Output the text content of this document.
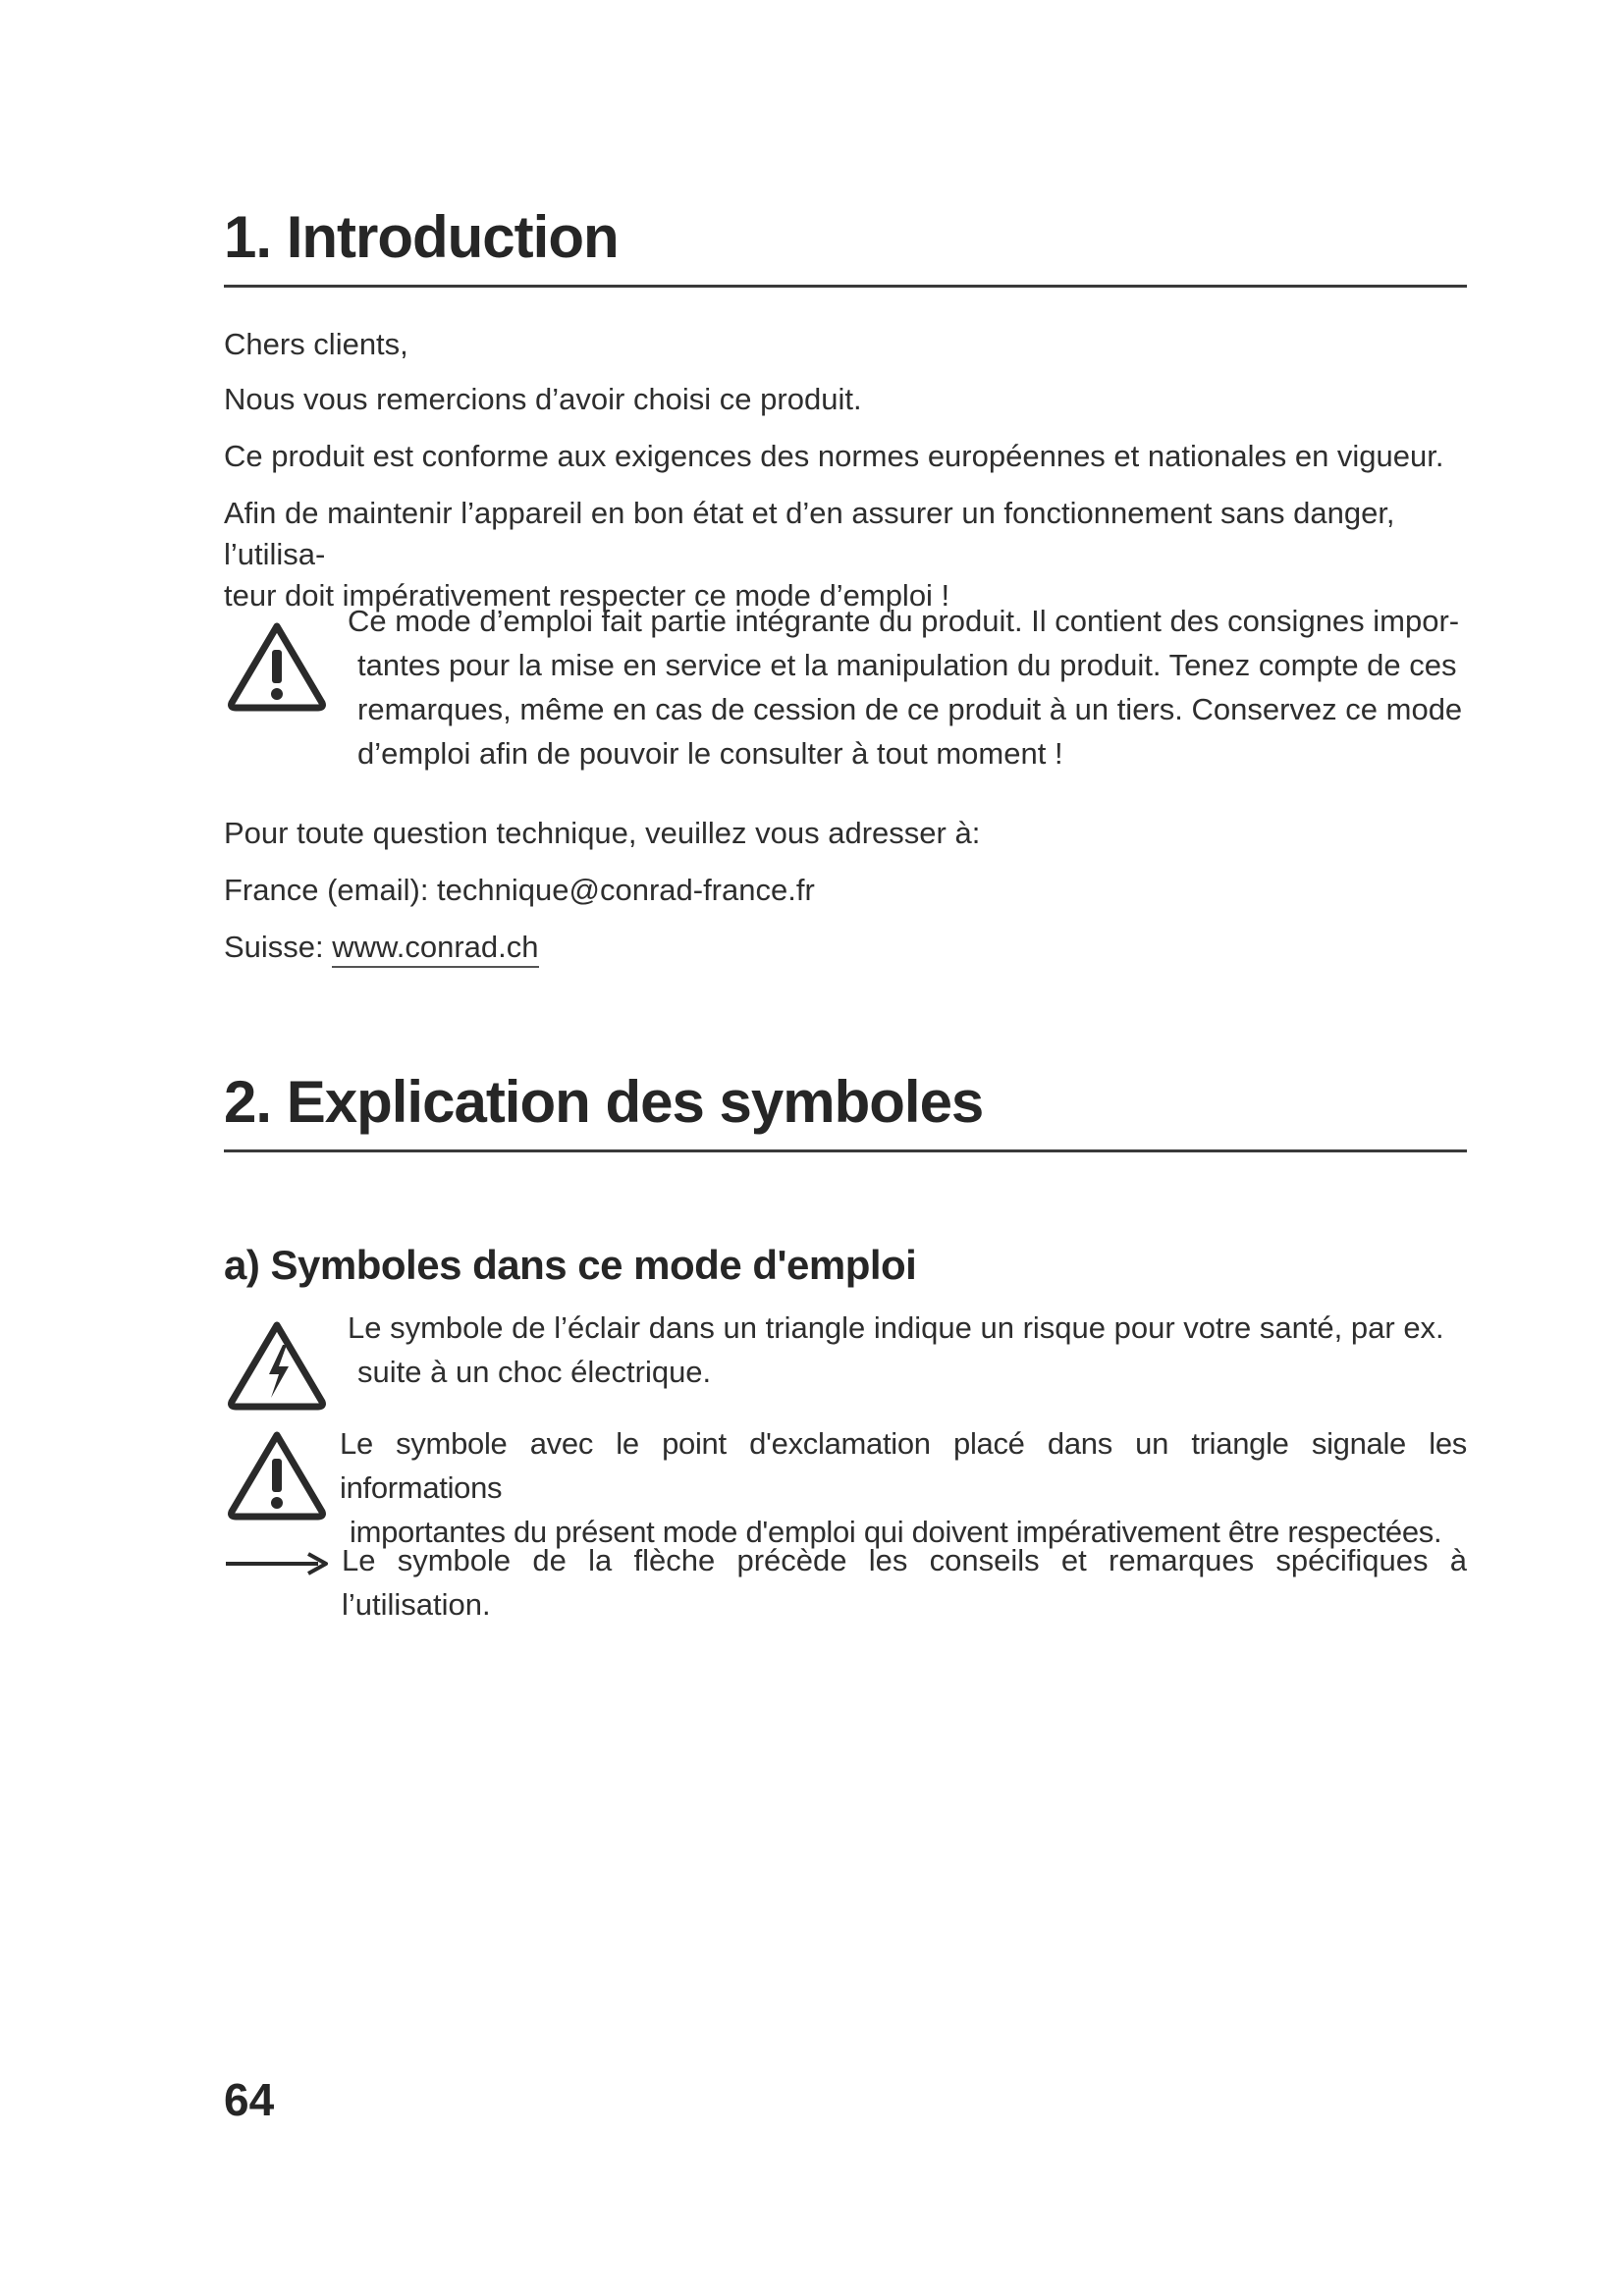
1. Introduction

Chers clients,

Nous vous remercions d’avoir choisi ce produit.

Ce produit est conforme aux exigences des normes européennes et nationales en vigueur.

Afin de maintenir l’appareil en bon état et d’en assurer un fonctionnement sans danger, l’utilisa-
teur doit impérativement respecter ce mode d’emploi !

Ce mode d’emploi fait partie intégrante du produit. Il contient des consignes impor-
tantes pour la mise en service et la manipulation du produit. Tenez compte de ces
remarques, même en cas de cession de ce produit à un tiers. Conservez ce mode
d’emploi afin de pouvoir le consulter à tout moment !

Pour toute question technique, veuillez vous adresser à:

France (email): technique@conrad-france.fr

Suisse: www.conrad.ch

2. Explication des symboles
a) Symboles dans ce mode d'emploi
Le symbole de l’éclair dans un triangle indique un risque pour votre santé, par ex.
suite à un choc électrique.
Le symbole avec le point d'exclamation placé dans un triangle signale les informations
importantes du présent mode d'emploi qui doivent impérativement être respectées.

Le symbole de la flèche précède les conseils et remarques spécifiques à l’utilisation.

64
